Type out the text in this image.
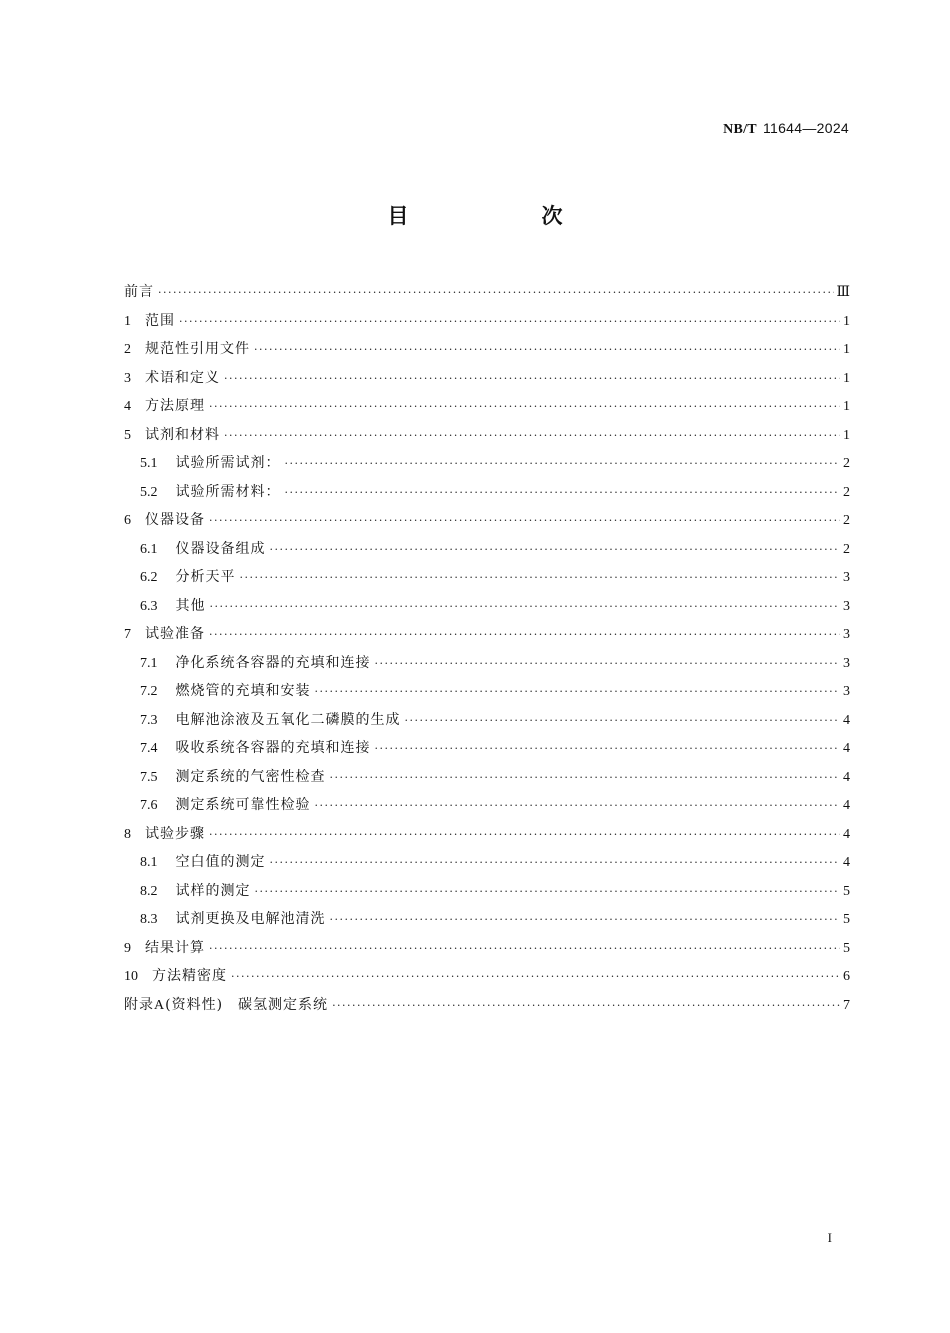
NB/T 11644—2024
目　次
前言 ·····	Ⅲ
1 范围 ·····	1
2 规范性引用文件 ·····	1
3 术语和定义 ·····	1
4 方法原理 ·····	1
5 试剂和材料 ·····	1
5.1 试验所需试剂： ·····	2
5.2 试验所需材料： ·····	2
6 仪器设备 ·····	2
6.1 仪器设备组成 ·····	2
6.2 分析天平 ·····	3
6.3 其他 ·····	3
7 试验准备 ·····	3
7.1 净化系统各容器的充填和连接 ·····	3
7.2 燃烧管的充填和安装 ·····	3
7.3 电解池涂液及五氧化二磷膜的生成 ·····	4
7.4 吸收系统各容器的充填和连接 ·····	4
7.5 测定系统的气密性检查 ·····	4
7.6 测定系统可靠性检验 ·····	4
8 试验步骤 ·····	4
8.1 空白值的测定 ·····	4
8.2 试样的测定 ·····	5
8.3 试剂更换及电解池清洗 ·····	5
9 结果计算 ·····	5
10 方法精密度 ·····	6
附录A(资料性)　碳氢测定系统 ·····	7
I
